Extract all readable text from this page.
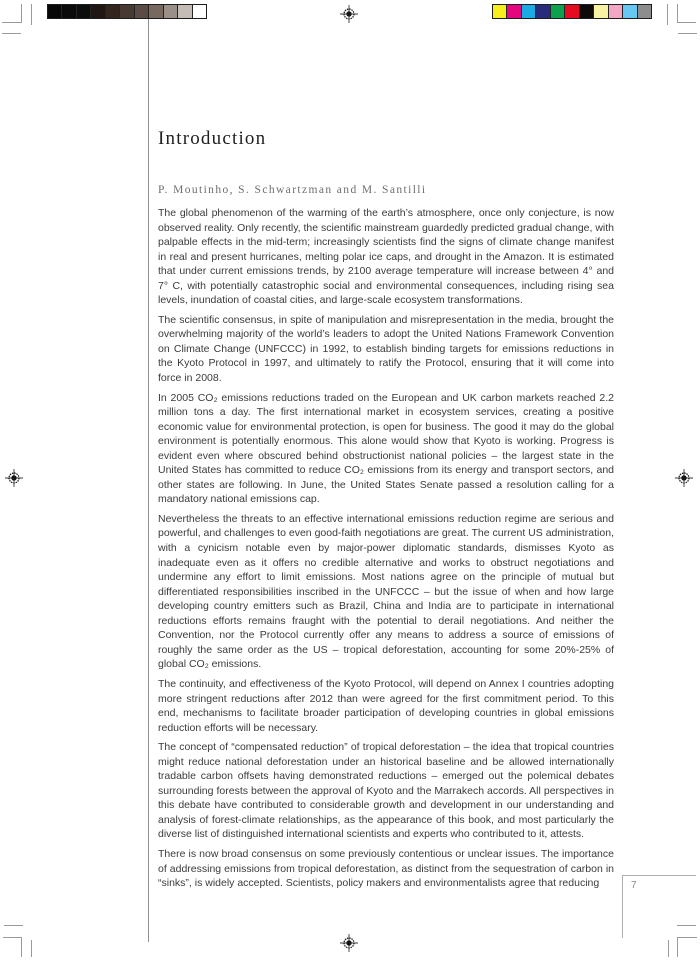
7
Introduction
P. Moutinho, S. Schwartzman and M. Santilli

The global phenomenon of the warming of the earth’s atmosphere, once only conjecture, is now observed reality. Only recently, the scientific mainstream guardedly predicted gradual change, with palpable effects in the mid-term; increasingly scientists find the signs of climate change manifest in real and present hurricanes, melting polar ice caps, and drought in the Amazon. It is estimated that under current emissions trends, by 2100 average temperature will increase between 4° and 7° C, with potentially catastrophic social and environmental consequences, including rising sea levels, inundation of coastal cities, and large-scale ecosystem transformations.

The scientific consensus, in spite of manipulation and misrepresentation in the media, brought the overwhelming majority of the world’s leaders to adopt the United Nations Framework Convention on Climate Change (UNFCCC) in 1992, to establish binding targets for emissions reductions in the Kyoto Protocol in 1997, and ultimately to ratify the Protocol, ensuring that it will come into force in 2008.

In 2005 CO₂ emissions reductions traded on the European and UK carbon markets reached 2.2 million tons a day. The first international market in ecosystem services, creating a positive economic value for environmental protection, is open for business. The good it may do the global environment is potentially enormous. This alone would show that Kyoto is working. Progress is evident even where obscured behind obstructionist national policies – the largest state in the United States has committed to reduce CO₂ emissions from its energy and transport sectors, and other states are following. In June, the United States Senate passed a resolution calling for a mandatory national emissions cap.

Nevertheless the threats to an effective international emissions reduction regime are serious and powerful, and challenges to even good-faith negotiations are great. The current US administration, with a cynicism notable even by major-power diplomatic standards, dismisses Kyoto as inadequate even as it offers no credible alternative and works to obstruct negotiations and undermine any effort to limit emissions. Most nations agree on the principle of mutual but differentiated responsibilities inscribed in the UNFCCC – but the issue of when and how large developing country emitters such as Brazil, China and India are to participate in international reductions efforts remains fraught with the potential to derail negotiations. And neither the Convention, nor the Protocol currently offer any means to address a source of emissions of roughly the same order as the US – tropical deforestation, accounting for some 20%-25% of global CO₂ emissions.

The continuity, and effectiveness of the Kyoto Protocol, will depend on Annex I countries adopting more stringent reductions after 2012 than were agreed for the first commitment period. To this end, mechanisms to facilitate broader participation of developing countries in global emissions reduction efforts will be necessary.

The concept of “compensated reduction” of tropical deforestation – the idea that tropical countries might reduce national deforestation under an historical baseline and be allowed internationally tradable carbon offsets having demonstrated reductions – emerged out the polemical debates surrounding forests between the approval of Kyoto and the Marrakech accords. All perspectives in this debate have contributed to considerable growth and development in our understanding and analysis of forest-climate relationships, as the appearance of this book, and most particularly the diverse list of distinguished international scientists and experts who contributed to it, attests.

There is now broad consensus on some previously contentious or unclear issues. The importance of addressing emissions from tropical deforestation, as distinct from the sequestration of carbon in “sinks”, is widely accepted. Scientists, policy makers and environmentalists agree that reducing
